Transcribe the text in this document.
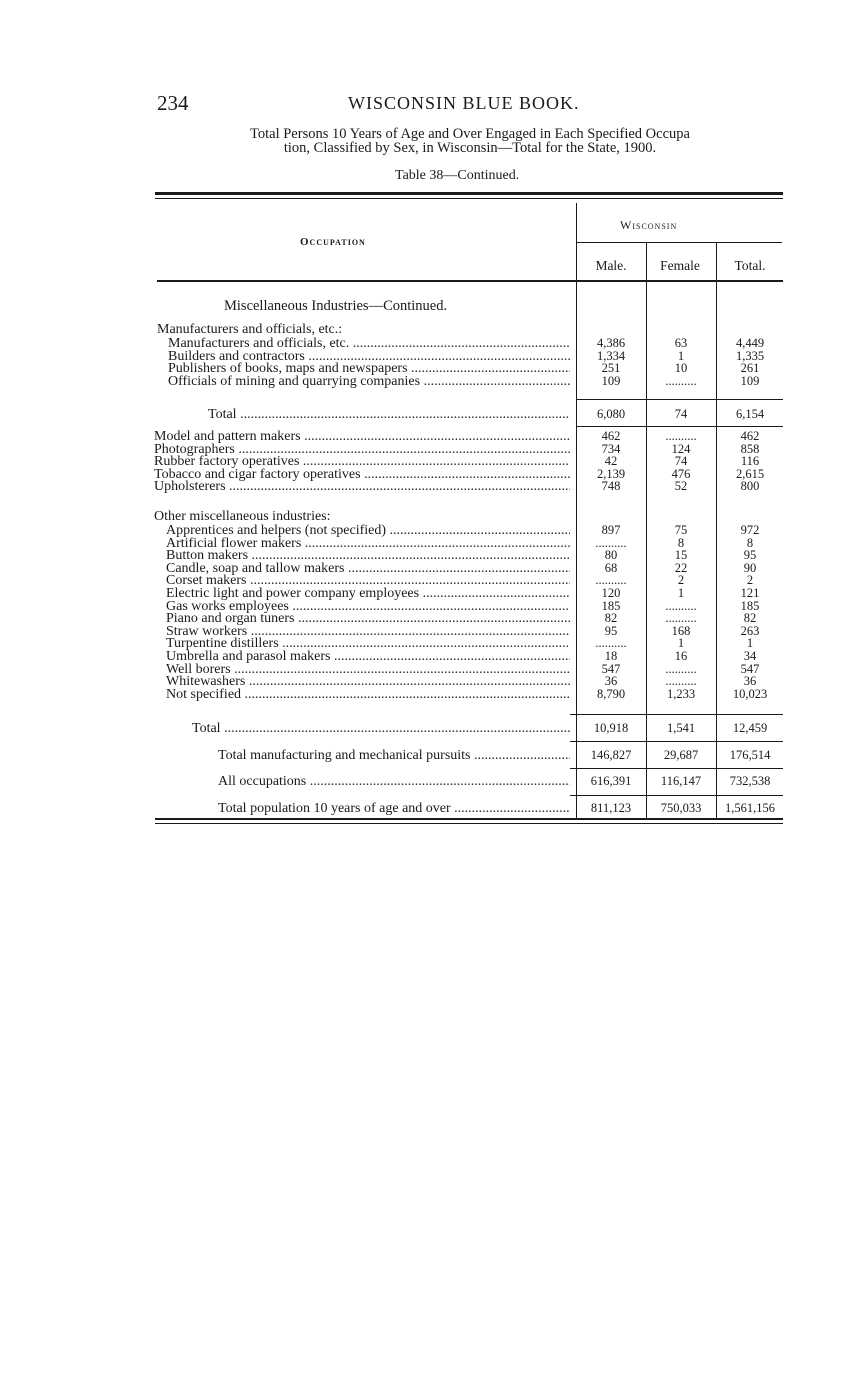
234	WISCONSIN BLUE BOOK.
Total Persons 10 Years of Age and Over Engaged in Each Specified Occupa
tion, Classified by Sex, in Wisconsin—Total for the State, 1900.
Table 38—Continued.
Occupation
Wisconsin
Male.	Female	Total.
Miscellaneous Industries—Continued.
Manufacturers and officials, etc.:
Manufacturers and officials, etc. .....	4,386	63	4,449
Builders and contractors .....	1,334	1	1,335
Publishers of books, maps and newspapers .....	251	10	261
Officials of mining and quarrying companies .....	109	..........	109
Total .....	6,080	74	6,154
Model and pattern makers .....	462	..........	462
Photographers .....	734	124	858
Rubber factory operatives .....	42	74	116
Tobacco and cigar factory operatives .....	2,139	476	2,615
Upholsterers .....	748	52	800
Other miscellaneous industries:
Apprentices and helpers (not specified) .....	897	75	972
Artificial flower makers .....	..........	8	8
Button makers .....	80	15	95
Candle, soap and tallow makers .....	68	22	90
Corset makers .....	..........	2	2
Electric light and power company employees .....	120	1	121
Gas works employees .....	185	..........	185
Piano and organ tuners .....	82	..........	82
Straw workers .....	95	168	263
Turpentine distillers .....	..........	1	1
Umbrella and parasol makers .....	18	16	34
Well borers .....	547	..........	547
Whitewashers .....	36	..........	36
Not specified .....	8,790	1,233	10,023
Total .....	10,918	1,541	12,459
Total manufacturing and mechanical pursuits .....	146,827	29,687	176,514
All occupations .....	616,391	116,147	732,538
Total population 10 years of age and over .....	811,123	750,033	1,561,156
